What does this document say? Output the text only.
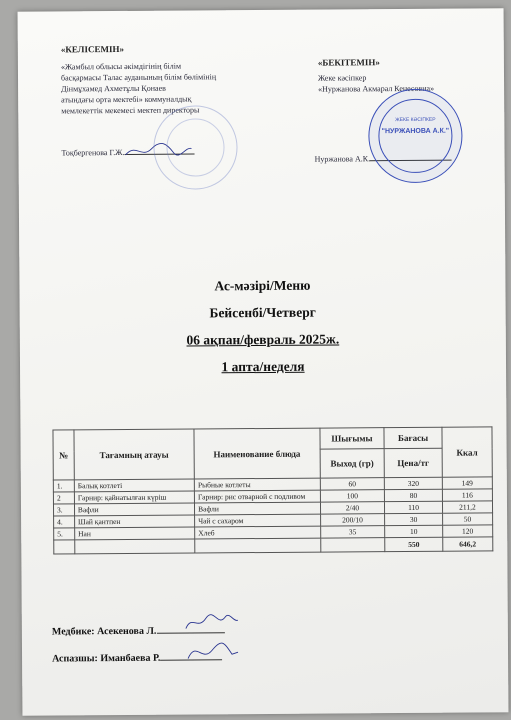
«КЕЛІСЕМІН»
«Жамбыл облысы әкімдігінің білім
басқармасы Талас ауданының білім бөлімінің
Дінмұхамед Ахметұлы Қонаев
атындағы орта мектебі» коммуналдық
мемлекеттік мекемесі мектеп директоры
Тоқбергенова Г.Ж.
«БЕКІТЕМІН»
Жеке кәсіпкер
«Нуржанова Акмарал Кенесовна»
Нуржанова А.К.
ЖЕКЕ КӘСІПКЕР
"НУРЖАНОВА А.К."
Ас-мәзірі/Меню
Бейсенбі/Четверг
06 ақпан/февраль 2025ж.
1 апта/неделя
№	Тағамның атауы	Наименование блюда	Шығымы	Бағасы	Ккал
			Выход (гр)	Цена/тг	
1.	Балық котлеті	Рыбные котлеты	60	320	149
2	Гарнир: қайнатылған күріш	Гарнир: рис отварной с подливом	100	80	116
3.	Вафли	Вафли	2/40	110	211,2
4.	Шай қантпен	Чай с сахаром	200/10	30	50
5.	Нан	Хлеб	35	10	120
				550	646,2
Медбике: Асекенова Л.
Аспазшы: Иманбаева Р.
